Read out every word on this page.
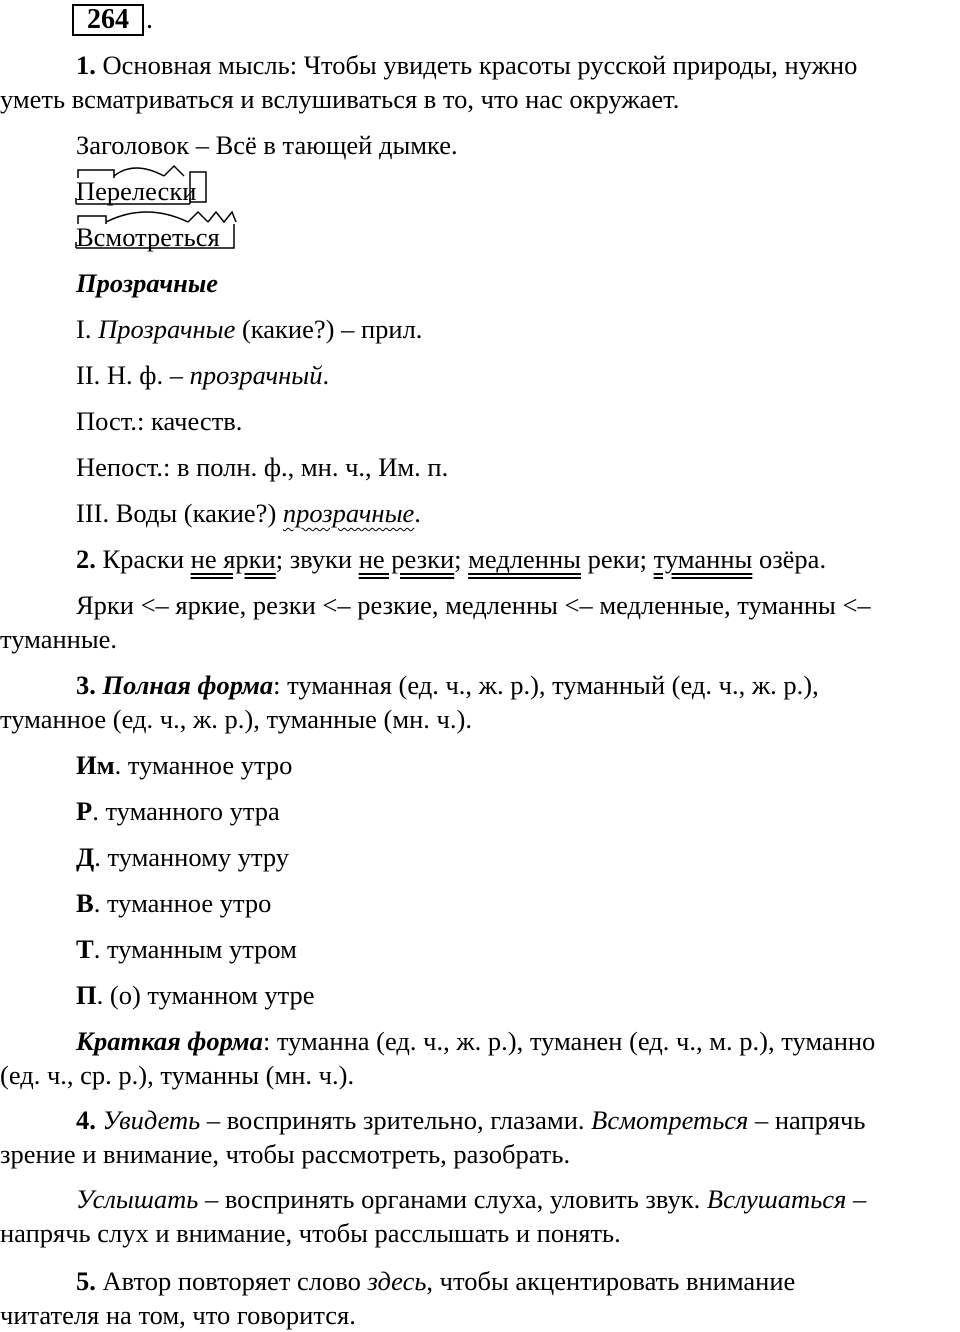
264 .
1. Основная мысль: Чтобы увидеть красоты русской природы, нужно
уметь всматриваться и вслушиваться в то, что нас окружает.
Заголовок – Всё в тающей дымке.
Перелески
Всмотреться
Прозрачные
I. Прозрачные (какие?) – прил.
II. Н. ф. – прозрачный.
Пост.: качеств.
Непост.: в полн. ф., мн. ч., Им. п.
III. Воды (какие?) прозрачные.
2. Краски не ярки; звуки не резки; медленны реки; туманны озёра.
Ярки <– яркие, резки <– резкие, медленны <– медленные, туманны <–
туманные.
3. Полная форма: туманная (ед. ч., ж. р.), туманный (ед. ч., ж. р.),
туманное (ед. ч., ж. р.), туманные (мн. ч.).
Им. туманное утро
Р. туманного утра
Д. туманному утру
В. туманное утро
Т. туманным утром
П. (о) туманном утре
Краткая форма: туманна (ед. ч., ж. р.), туманен (ед. ч., м. р.), туманно
(ед. ч., ср. р.), туманны (мн. ч.).
4. Увидеть – воспринять зрительно, глазами. Всмотреться – напрячь
зрение и внимание, чтобы рассмотреть, разобрать.
Услышать – воспринять органами слуха, уловить звук. Вслушаться –
напрячь слух и внимание, чтобы расслышать и понять.
5. Автор повторяет слово здесь, чтобы акцентировать внимание
читателя на том, что говорится.
